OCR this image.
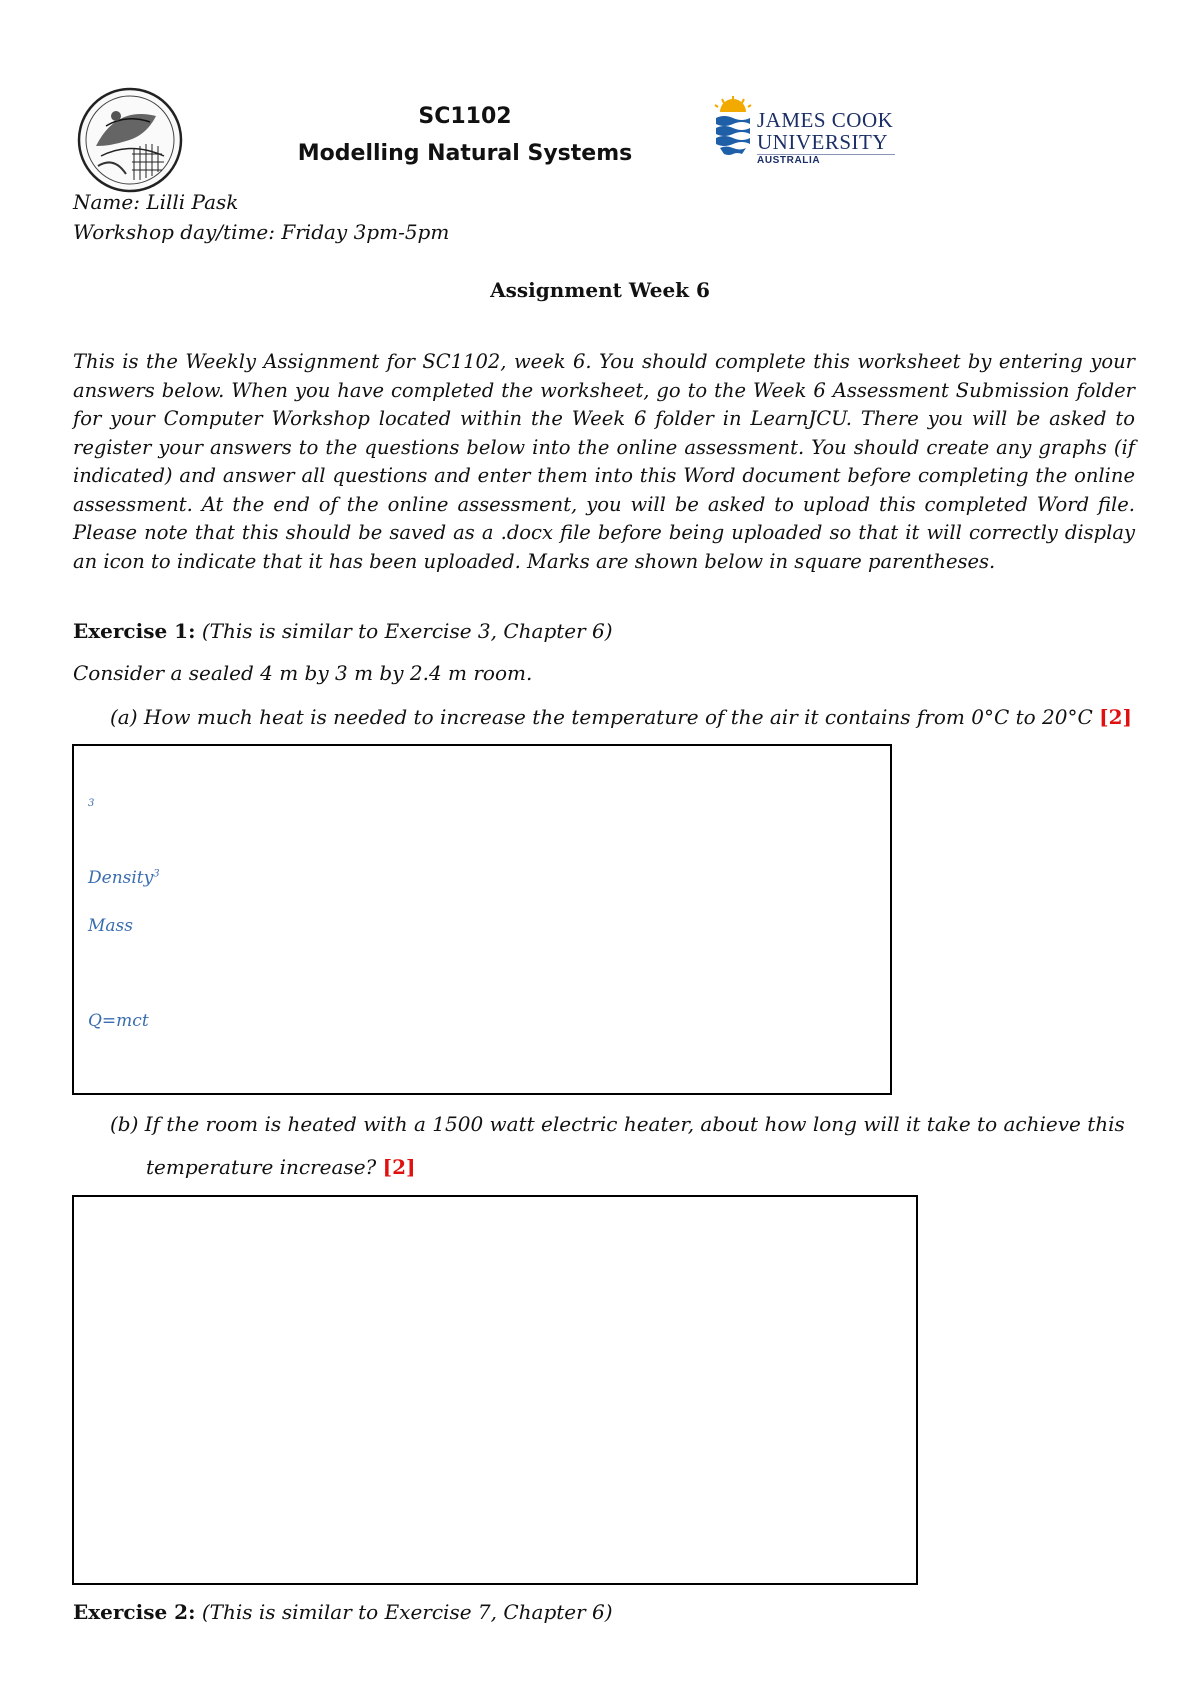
SC1102
Modelling Natural Systems
JAMES COOK
UNIVERSITY
AUSTRALIA
Name: Lilli Pask
Workshop day/time: Friday 3pm-5pm
Assignment Week 6
This is the Weekly Assignment for SC1102, week 6. You should complete this worksheet by entering your answers below. When you have completed the worksheet, go to the Week 6 Assessment Submission folder for your Computer Workshop located within the Week 6 folder in LearnJCU. There you will be asked to register your answers to the questions below into the online assessment. You should create any graphs (if indicated) and answer all questions and enter them into this Word document before completing the online assessment. At the end of the online assessment, you will be asked to upload this completed Word file. Please note that this should be saved as a .docx file before being uploaded so that it will correctly display an icon to indicate that it has been uploaded. Marks are shown below in square parentheses.
Exercise 1: (This is similar to Exercise 3, Chapter 6)
Consider a sealed 4 m by 3 m by 2.4 m room.
(a) How much heat is needed to increase the temperature of the air it contains from 0°C to 20°C [2]
3
Density$^3$
Mass
Q=mct
(b) If the room is heated with a 1500 watt electric heater, about how long will it take to achieve this
temperature increase? [2]
Exercise 2: (This is similar to Exercise 7, Chapter 6)
